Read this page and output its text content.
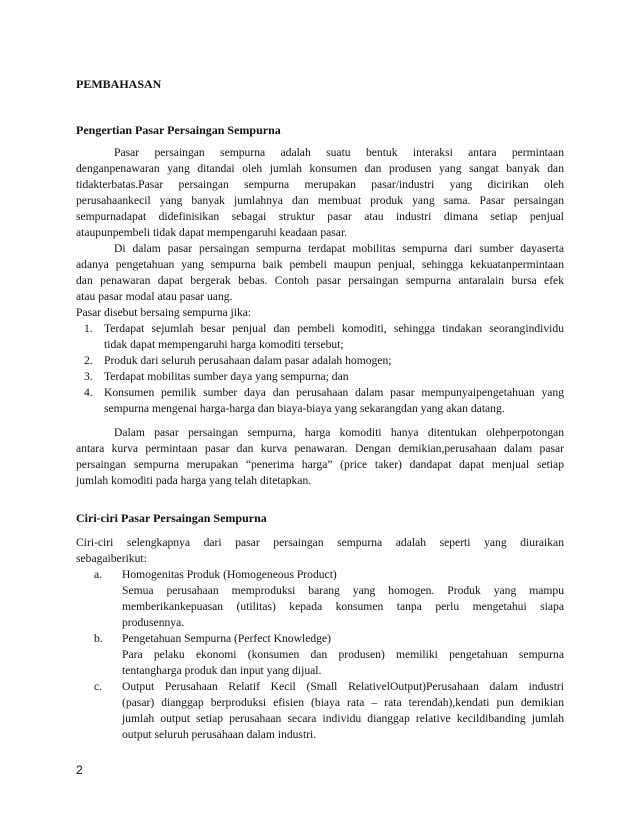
PEMBAHASAN
Pengertian Pasar Persaingan Sempurna
Pasar persaingan sempurna adalah suatu bentuk interaksi antara permintaan
denganpenawaran yang ditandai oleh jumlah konsumen dan produsen yang sangat banyak dan
tidakterbatas.Pasar persaingan sempurna merupakan pasar/industri yang dicirikan oleh
perusahaankecil yang banyak jumlahnya dan membuat produk yang sama. Pasar persaingan
sempurnadapat didefinisikan sebagai struktur pasar atau industri dimana setiap penjual
ataupunpembeli tidak dapat mempengaruhi keadaan pasar.
Di dalam pasar persaingan sempurna terdapat mobilitas sempurna dari sumber dayaserta
adanya pengetahuan yang sempurna baik pembeli maupun penjual, sehingga kekuatanpermintaan
dan penawaran dapat bergerak bebas. Contoh pasar persaingan sempurna antaralain bursa efek
atau pasar modal atau pasar uang.
Pasar disebut bersaing sempurna jika:
1. Terdapat sejumlah besar penjual dan pembeli komoditi, sehingga tindakan seorangindividu
tidak dapat mempengaruhi harga komoditi tersebut;
2. Produk dari seluruh perusahaan dalam pasar adalah homogen;
3. Terdapat mobilitas sumber daya yang sempurna; dan
4. Konsumen pemilik sumber daya dan perusahaan dalam pasar mempunyaipengetahuan yang
sempurna mengenai harga-harga dan biaya-biaya yang sekarangdan yang akan datang.
Dalam pasar persaingan sempurna, harga komoditi hanya ditentukan olehperpotongan
antara kurva permintaan pasar dan kurva penawaran. Dengan demikian,perusahaan dalam pasar
persaingan sempurna merupakan “penerima harga” (price taker) dandapat dapat menjual setiap
jumlah komoditi pada harga yang telah ditetapkan.
Ciri-ciri Pasar Persaingan Sempurna
Ciri-ciri selengkapnya dari pasar persaingan sempurna adalah seperti yang diuraikan
sebagaiberikut:
a.	Homogenitas Produk (Homogeneous Product)
Semua perusahaan memproduksi barang yang homogen. Produk yang mampu
memberikankepuasan (utilitas) kepada konsumen tanpa perlu mengetahui siapa
produsennya.
b.	Pengetahuan Sempurna (Perfect Knowledge)
Para pelaku ekonomi (konsumen dan produsen) memiliki pengetahuan sempurna
tentangharga produk dan input yang dijual.
c.	Output Perusahaan Relatif Kecil (Small RelativelOutput)Perusahaan dalam industri
(pasar) dianggap berproduksi efisien (biaya rata – rata terendah),kendati pun demikian
jumlah output setiap perusahaan secara individu dianggap relative kecildibanding jumlah
output seluruh perusahaan dalam industri.
2
